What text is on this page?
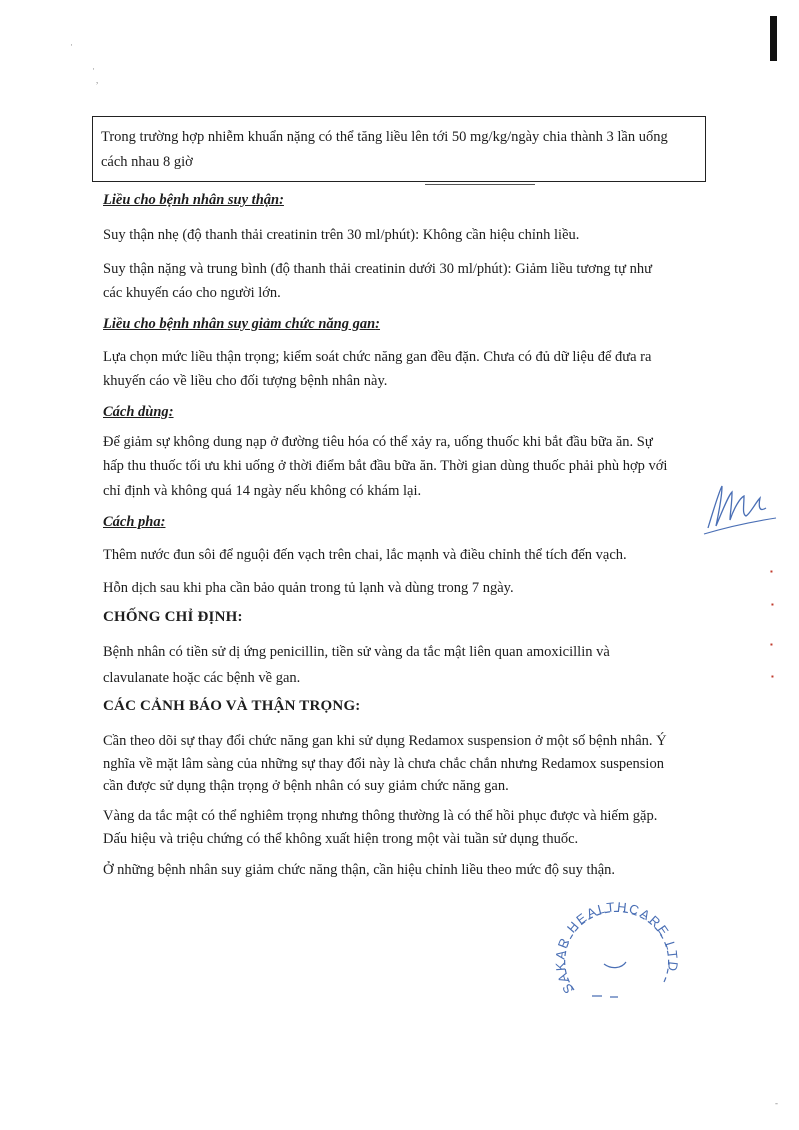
·
·
,
Trong trường hợp nhiễm khuẩn nặng có thể tăng liều lên tới 50 mg/kg/ngày chia thành 3 lần uống
cách nhau 8 giờ
Liều cho bệnh nhân suy thận:
Suy thận nhẹ (độ thanh thải creatinin trên 30 ml/phút): Không cần hiệu chỉnh liều.
Suy thận nặng và trung bình (độ thanh thải creatinin dưới 30 ml/phút): Giảm liều tương tự như
các khuyến cáo cho người lớn.
Liều cho bệnh nhân suy giảm chức năng gan:
Lựa chọn mức liều thận trọng; kiểm soát chức năng gan đều đặn. Chưa có đủ dữ liệu để đưa ra
khuyến cáo về liều cho đối tượng bệnh nhân này.
Cách dùng:
Để giảm sự không dung nạp ở đường tiêu hóa có thể xảy ra, uống thuốc khi bắt đầu bữa ăn. Sự
hấp thu thuốc tối ưu khi uống ở thời điểm bắt đầu bữa ăn. Thời gian dùng thuốc phải phù hợp với
chỉ định và không quá 14 ngày nếu không có khám lại.
Cách pha:
Thêm nước đun sôi để nguội đến vạch trên chai, lắc mạnh và điều chỉnh thể tích đến vạch.
Hỗn dịch sau khi pha cần bảo quản trong tủ lạnh và dùng trong 7 ngày.
CHỐNG CHỈ ĐỊNH:
Bệnh nhân có tiền sử dị ứng penicillin, tiền sử vàng da tắc mật liên quan amoxicillin và
clavulanate hoặc các bệnh về gan.
CÁC CẢNH BÁO VÀ THẬN TRỌNG:
Cần theo dõi sự thay đổi chức năng gan khi sử dụng Redamox suspension ở một số bệnh nhân. Ý
nghĩa về mặt lâm sàng của những sự thay đổi này là chưa chắc chắn nhưng Redamox suspension
cần được sử dụng thận trọng ở bệnh nhân có suy giảm chức năng gan.
Vàng da tắc mật có thể nghiêm trọng nhưng thông thường là có thể hồi phục được và hiếm gặp.
Dấu hiệu và triệu chứng có thể không xuất hiện trong một vài tuần sử dụng thuốc.
Ở những bệnh nhân suy giảm chức năng thận, cần hiệu chỉnh liều theo mức độ suy thận.
▪
▪
▪
▪
SAKAR HEALTHCARE LTD
-
